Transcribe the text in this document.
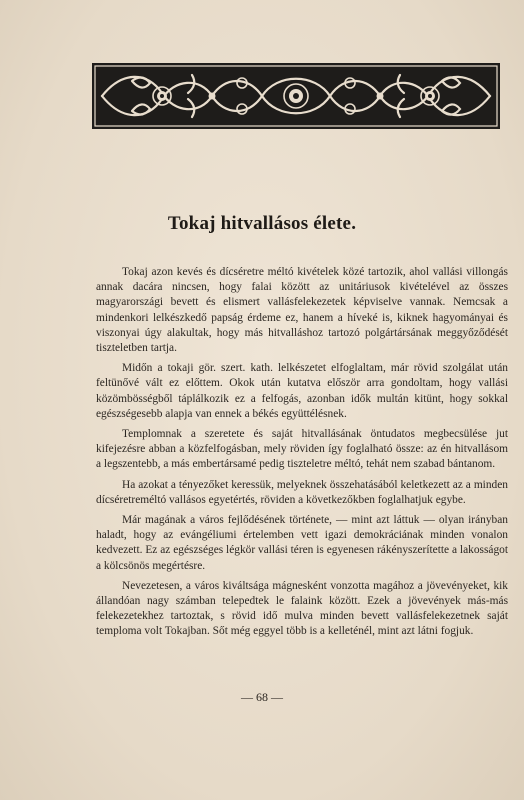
Tokaj hitvallásos élete.

Tokaj azon kevés és dícséretre méltó kivételek közé tartozik, ahol vallási villongás annak dacára nincsen, hogy falai között az unitáriusok kivételével az összes magyarországi bevett és elismert vallásfelekezetek képviselve vannak. Nemcsak a mindenkori lelkészkedő papság érdeme ez, hanem a híveké is, kiknek hagyományai és viszonyai úgy alakultak, hogy más hitvalláshoz tartozó polgártársának meggyőződését tiszteletben tartja.

Midőn a tokaji gör. szert. kath. lelkészetet elfoglaltam, már rövid szolgálat után feltünővé vált ez előttem. Okok után kutatva először arra gondoltam, hogy vallási közömbösségből táplálkozik ez a felfogás, azonban idők multán kitünt, hogy sokkal egészségesebb alapja van ennek a békés együttélésnek.

Templomnak a szeretete és saját hitvallásának öntudatos megbecsülése jut kifejezésre abban a közfelfogásban, mely röviden így foglalható össze: az én hitvallásom a legszentebb, a más embertársamé pedig tiszteletre méltó, tehát nem szabad bántanom.

Ha azokat a tényezőket keressük, melyeknek összehatásából keletkezett az a minden dícséretreméltó vallásos egyetértés, röviden a következőkben foglalhatjuk egybe.

Már magának a város fejlődésének története, — mint azt láttuk — olyan irányban haladt, hogy az evángéliumi értelemben vett igazi demokráciának minden vonalon kedvezett. Ez az egészséges légkör vallási téren is egyenesen rákényszerítette a lakosságot a kölcsönös megértésre.

Nevezetesen, a város kiváltsága mágnesként vonzotta magához a jövevényeket, kik állandóan nagy számban telepedtek le falaink között. Ezek a jövevények más-más felekezetekhez tartoztak, s rövid idő mulva minden bevett vallásfelekezetnek saját temploma volt Tokajban. Sőt még eggyel több is a kelleténél, mint azt látni fogjuk.

— 68 —
